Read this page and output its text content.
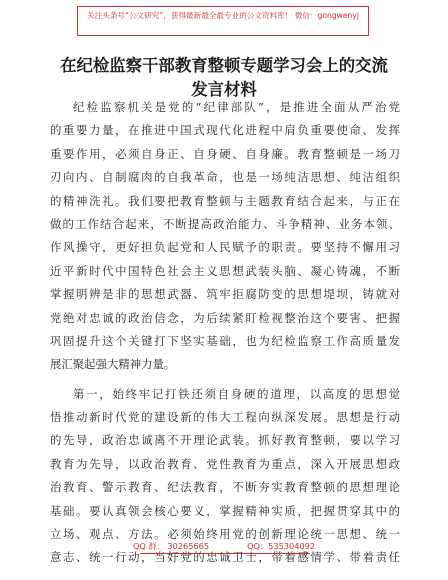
关注头条号“公文研究”，获得最新最全最专业的公文资料库！ 微信：gongwenyj
在纪检监察干部教育整顿专题学习会上的交流
发言材料
纪检监察机关是党的“纪律部队”，是推进全面从严治党
的重要力量，在推进中国式现代化进程中肩负重要使命、发挥
重要作用，必须自身正、自身硬、自身廉。教育整顿是一场刀
刃向内、自制腐肉的自我革命，也是一场纯洁思想、纯洁组织
的精神洗礼。我们要把教育整顿与主题教育结合起来，与正在
做的工作结合起来，不断提高政治能力、斗争精神、业务本领、
作风操守，更好担负起党和人民赋予的职责。要坚持不懈用习
近平新时代中国特色社会主义思想武装头脑、凝心铸魂，不断
掌握明辨是非的思想武器、筑牢拒腐防变的思想堤坝，铸就对
党绝对忠诚的政治信念，为后续紧盯检视整治这个要害、把握
巩固提升这个关键打下坚实基础，也为纪检监察工作高质量发
展汇聚起强大精神力量。
第一，始终牢记打铁还须自身硬的道理，以高度的思想觉
悟推动新时代党的建设新的伟大工程向纵深发展。思想是行动
的先导，政治忠诚离不开理论武装。抓好教育整顿，要以学习
教育为先导，以政治教育、党性教育为重点，深入开展思想政
治教育、警示教育、纪法教育，不断夯实教育整顿的思想理论
基础。要认真领会核心要义，掌握精神实质，把握贯穿其中的
立场、观点、方法。必须始终用党的创新理论统一思想、统一
意志、统一行动，当好党的忠诚卫士，带着感情学、带着责任
QQ 群： 30265665	QQ：535304092
